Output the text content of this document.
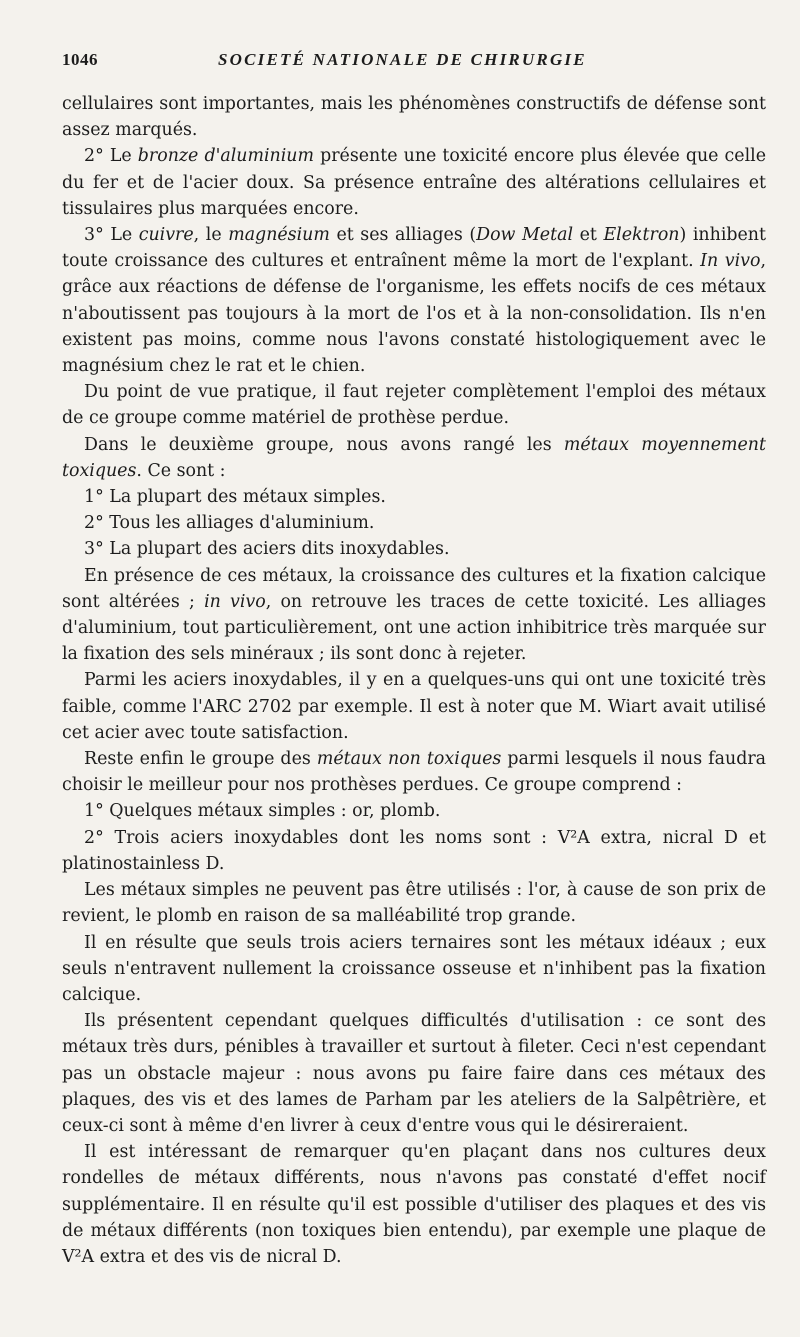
1046	SOCIETÉ NATIONALE DE CHIRURGIE

cellulaires sont importantes, mais les phénomènes constructifs de défense sont assez marqués.

2° Le bronze d'aluminium présente une toxicité encore plus élevée que celle du fer et de l'acier doux. Sa présence entraîne des altérations cellulaires et tissulaires plus marquées encore.

3° Le cuivre, le magnésium et ses alliages (Dow Metal et Elektron) inhibent toute croissance des cultures et entraînent même la mort de l'explant. In vivo, grâce aux réactions de défense de l'organisme, les effets nocifs de ces métaux n'aboutissent pas toujours à la mort de l'os et à la non-consolidation. Ils n'en existent pas moins, comme nous l'avons constaté histologiquement avec le magnésium chez le rat et le chien.

Du point de vue pratique, il faut rejeter complètement l'emploi des métaux de ce groupe comme matériel de prothèse perdue.

Dans le deuxième groupe, nous avons rangé les métaux moyennement toxiques. Ce sont :

1° La plupart des métaux simples.

2° Tous les alliages d'aluminium.

3° La plupart des aciers dits inoxydables.

En présence de ces métaux, la croissance des cultures et la fixation calcique sont altérées ; in vivo, on retrouve les traces de cette toxicité. Les alliages d'aluminium, tout particulièrement, ont une action inhibitrice très marquée sur la fixation des sels minéraux ; ils sont donc à rejeter.

Parmi les aciers inoxydables, il y en a quelques-uns qui ont une toxicité très faible, comme l'ARC 2702 par exemple. Il est à noter que M. Wiart avait utilisé cet acier avec toute satisfaction.

Reste enfin le groupe des métaux non toxiques parmi lesquels il nous faudra choisir le meilleur pour nos prothèses perdues. Ce groupe comprend :

1° Quelques métaux simples : or, plomb.

2° Trois aciers inoxydables dont les noms sont : V²A extra, nicral D et platinostainless D.

Les métaux simples ne peuvent pas être utilisés : l'or, à cause de son prix de revient, le plomb en raison de sa malléabilité trop grande.

Il en résulte que seuls trois aciers ternaires sont les métaux idéaux ; eux seuls n'entravent nullement la croissance osseuse et n'inhibent pas la fixation calcique.

Ils présentent cependant quelques difficultés d'utilisation : ce sont des métaux très durs, pénibles à travailler et surtout à fileter. Ceci n'est cependant pas un obstacle majeur : nous avons pu faire faire dans ces métaux des plaques, des vis et des lames de Parham par les ateliers de la Salpêtrière, et ceux-ci sont à même d'en livrer à ceux d'entre vous qui le désireraient.

Il est intéressant de remarquer qu'en plaçant dans nos cultures deux rondelles de métaux différents, nous n'avons pas constaté d'effet nocif supplémentaire. Il en résulte qu'il est possible d'utiliser des plaques et des vis de métaux différents (non toxiques bien entendu), par exemple une plaque de V²A extra et des vis de nicral D.
